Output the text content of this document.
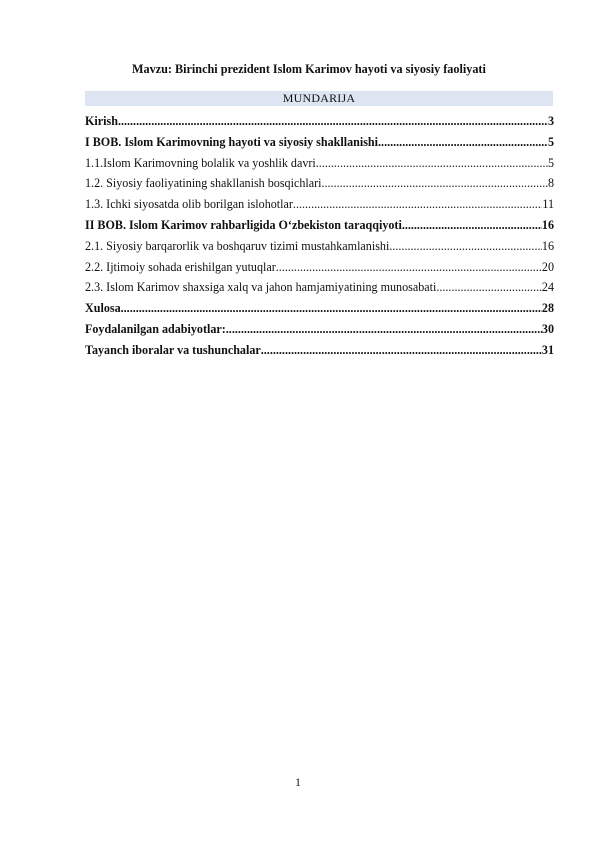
Mavzu: Birinchi prezident Islom Karimov hayoti va siyosiy faoliyati
MUNDARIJA
Kirish .....	3
I BOB. Islom Karimovning hayoti va siyosiy shakllanishi .....	5
1.1.Islom Karimovning bolalik va yoshlik davri .....	5
1.2. Siyosiy faoliyatining shakllanish bosqichlari .....	8
1.3. Ichki siyosatda olib borilgan islohotlar .....	11
II BOB. Islom Karimov rahbarligida O‘zbekiston taraqqiyoti .....	16
2.1. Siyosiy barqarorlik va boshqaruv tizimi mustahkamlanishi .....	16
2.2. Ijtimoiy sohada erishilgan yutuqlar .....	20
2.3. Islom Karimov shaxsiga xalq va jahon hamjamiyatining munosabati .....	24
Xulosa .....	28
Foydalanilgan adabiyotlar: .....	30
Tayanch iboralar va tushunchalar .....	31
1
